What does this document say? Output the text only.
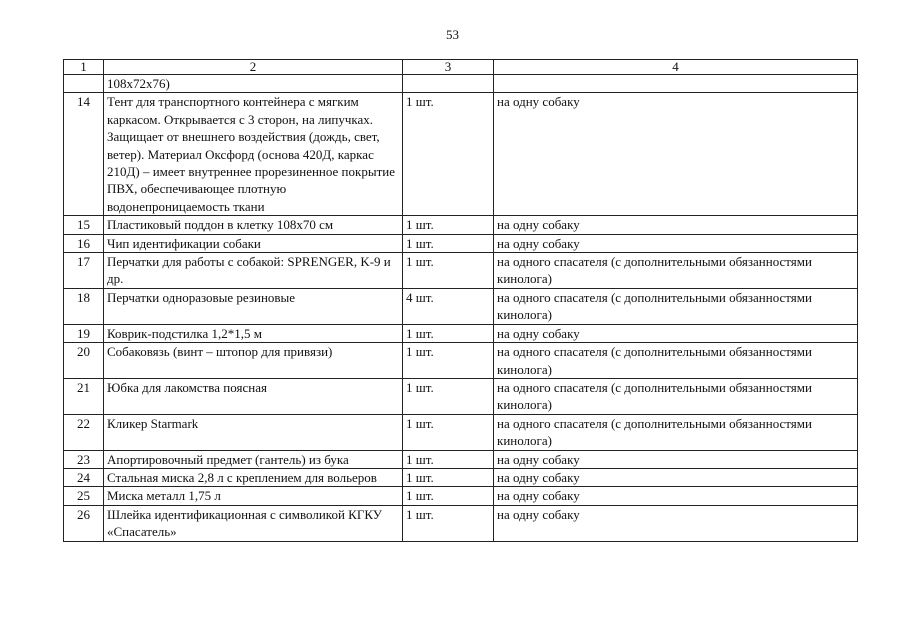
53
1	2	3	4
	108x72x76)		
14	Тент для транспортного контейнера с мягким каркасом. Открывается с 3 сторон, на липучках. Защищает от внешнего воздействия (дождь, свет, ветер). Материал Оксфорд (основа 420Д, каркас 210Д) – имеет внутреннее прорезиненное покрытие ПВХ, обеспечивающее плотную водонепроницаемость ткани	1 шт.	на одну собаку
15	Пластиковый поддон в клетку 108х70 см	1 шт.	на одну собаку
16	Чип идентификации собаки	1 шт.	на одну собаку
17	Перчатки для работы с собакой: SPRENGER, K-9 и др.	1 шт.	на одного спасателя (с дополнительными обязанностями кинолога)
18	Перчатки одноразовые резиновые	4 шт.	на одного спасателя (с дополнительными обязанностями кинолога)
19	Коврик-подстилка 1,2*1,5 м	1 шт.	на одну собаку
20	Собаковязь (винт – штопор для привязи)	1 шт.	на одного спасателя (с дополнительными обязанностями кинолога)
21	Юбка для лакомства поясная	1 шт.	на одного спасателя (с дополнительными обязанностями кинолога)
22	Кликер Starmark	1 шт.	на одного спасателя (с дополнительными обязанностями кинолога)
23	Апортировочный предмет (гантель) из бука	1 шт.	на одну собаку
24	Стальная миска 2,8 л с креплением для вольеров	1 шт.	на одну собаку
25	Миска металл 1,75 л	1 шт.	на одну собаку
26	Шлейка идентификационная с символикой КГКУ «Спасатель»	1 шт.	на одну собаку
